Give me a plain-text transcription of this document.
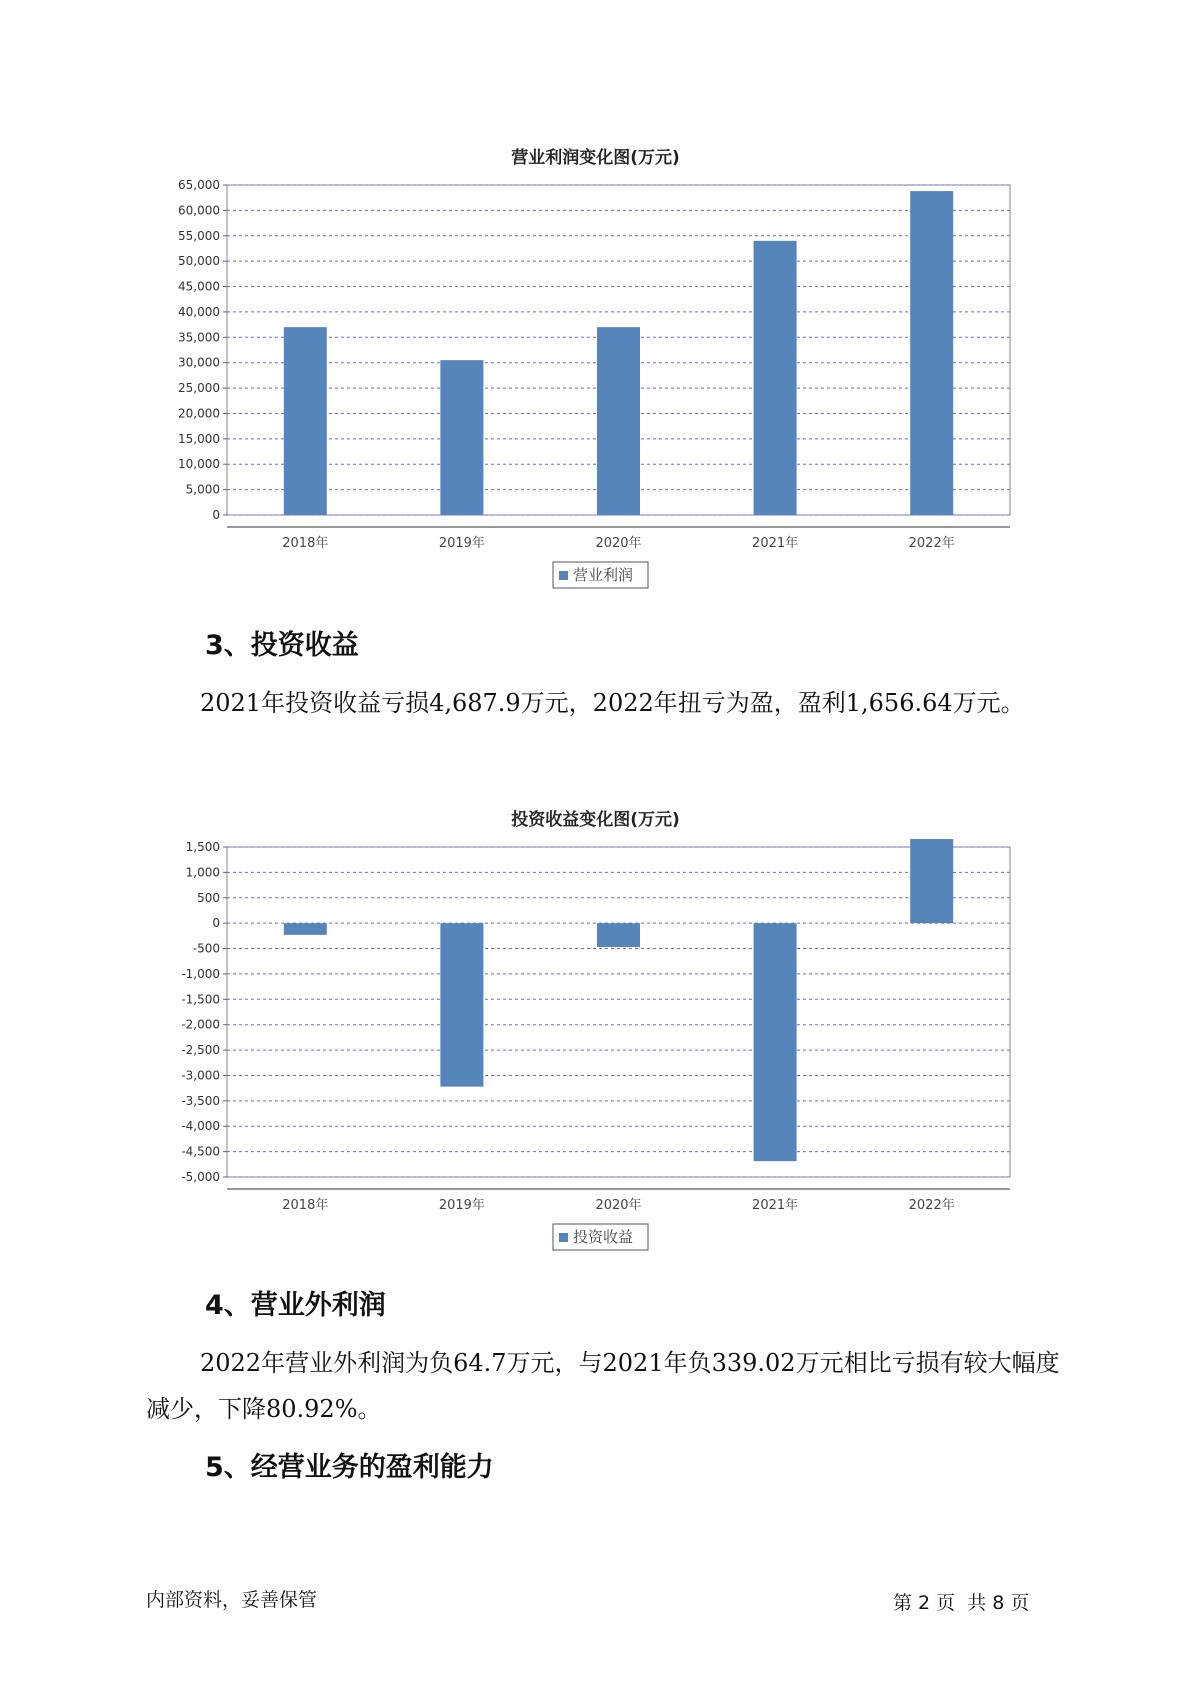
营业利润变化图(万元)
0
5,000
10,000
15,000
20,000
25,000
30,000
35,000
40,000
45,000
50,000
55,000
60,000
65,000
2018年	2019年	2020年	2021年	2022年
营业利润
3、投资收益
2021年投资收益亏损4,687.9万元，2022年扭亏为盈，盈利1,656.64万元。
投资收益变化图(万元)
-5,000
-4,500
-4,000
-3,500
-3,000
-2,500
-2,000
-1,500
-1,000
-500
0
500
1,000
1,500
2018年	2019年	2020年	2021年	2022年
投资收益
4、营业外利润
2022年营业外利润为负64.7万元，与2021年负339.02万元相比亏损有较大幅度减少，下降80.92%。
5、经营业务的盈利能力
内部资料，妥善保管	第 2 页  共 8 页
